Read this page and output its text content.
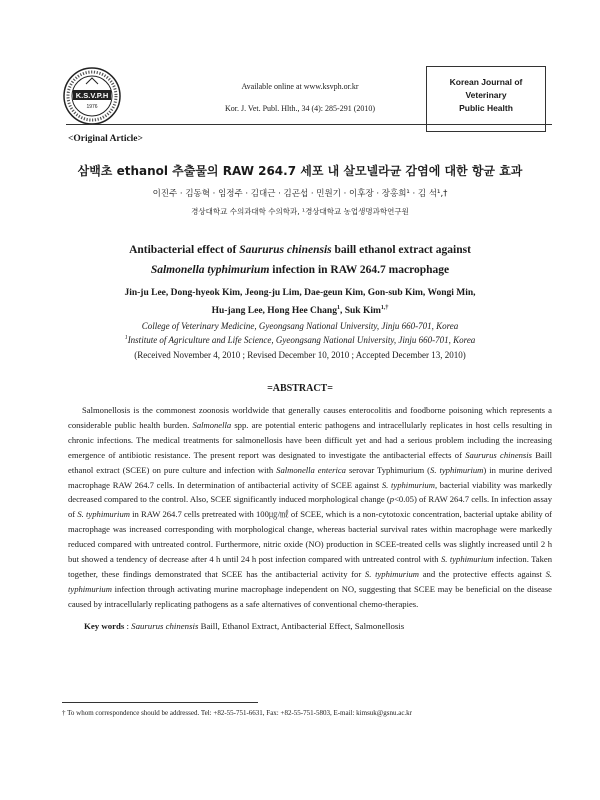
K.S.V.P.H
1976
Available online at www.ksvph.or.kr
Kor. J. Vet. Publ. Hlth., 34 (4): 285-291 (2010)
Korean Journal of
Veterinary
Public Health
<Original Article>
삼백초 ethanol 추출물의 RAW 264.7 세포 내 살모넬라균 감염에 대한 항균 효과
이진주 · 김동혁 · 임정주 · 김대근 · 김곤섭 · 민원기 · 이후장 · 장홍희¹ · 김 석¹,†
경상대학교 수의과대학 수의학과, ¹경상대학교 농업생명과학연구원
Antibacterial effect of Saururus chinensis baill ethanol extract against
Salmonella typhimurium infection in RAW 264.7 macrophage
Jin-ju Lee, Dong-hyeok Kim, Jeong-ju Lim, Dae-geun Kim, Gon-sub Kim, Wongi Min,
Hu-jang Lee, Hong Hee Chang$^1$, Suk Kim$^{1,\dagger}$
College of Veterinary Medicine, Gyeongsang National University, Jinju 660-701, Korea
$^1$Institute of Agriculture and Life Science, Gyeongsang National University, Jinju 660-701, Korea
(Received November 4, 2010 ; Revised December 10, 2010 ; Accepted December 13, 2010)
=ABSTRACT=
Salmonellosis is the commonest zoonosis worldwide that generally causes enterocolitis and foodborne poisoning which represents a considerable public health burden. Salmonella spp. are potential enteric pathogens and intracellularly replicates in host cells resulting in chronic infections. The medical treatments for salmonellosis have been difficult yet and had a serious problem including the increasing emergence of antibiotic resistance. The present report was designated to investigate the antibacterial effects of Saururus chinensis Baill ethanol extract (SCEE) on pure culture and infection with Salmonella enterica serovar Typhimurium (S. typhimurium) in murine derived macrophage RAW 264.7 cells. In determination of antibacterial activity of SCEE against S. typhimurium, bacterial viability was markedly decreased compared to the control. Also, SCEE significantly induced morphological change (p<0.05) of RAW 264.7 cells. In infection assay of S. typhimurium in RAW 264.7 cells pretreated with 100㎍/㎖ of SCEE, which is a non-cytotoxic concentration, bacterial uptake ability of macrophage was increased corresponding with morphological change, whereas bacterial survival rates within macrophage were markedly reduced compared with untreated control. Furthermore, nitric oxide (NO) production in SCEE-treated cells was slightly increased until 2 h but showed a tendency of decrease after 4 h until 24 h post infection compared with untreated control with S. typhimurium infection. Taken together, these findings demonstrated that SCEE has the antibacterial activity for S. typhimurium and the protective effects against S. typhimurium infection through activating murine macrophage independent on NO, suggesting that SCEE may be beneficial on the disease caused by intracellularly replicating pathogens as a safe alternatives of conventional chemo-therapies.
Key words : Saururus chinensis Baill, Ethanol Extract, Antibacterial Effect, Salmonellosis
† To whom correspondence should be addressed. Tel: +82-55-751-6631, Fax: +82-55-751-5803, E-mail: kimsuk@gsnu.ac.kr
